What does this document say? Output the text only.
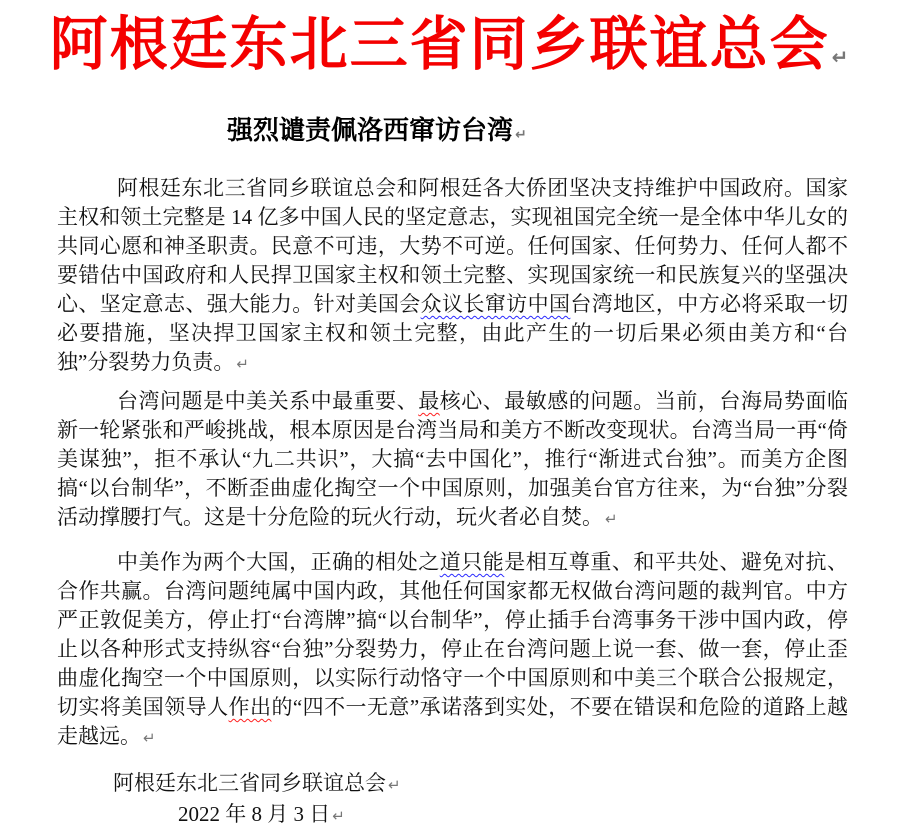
阿根廷东北三省同乡联谊总会 ↵
强烈谴责佩洛西窜访台湾 ↵

阿根廷东北三省同乡联谊总会和阿根廷各大侨团坚决支持维护中国政府。国家主权和领土完整是 14 亿多中国人民的坚定意志，实现祖国完全统一是全体中华儿女的共同心愿和神圣职责。民意不可违，大势不可逆。任何国家、任何势力、任何人都不要错估中国政府和人民捍卫国家主权和领土完整、实现国家统一和民族复兴的坚强决心、坚定意志、强大能力。针对美国会众议长窜访中国台湾地区，中方必将采取一切必要措施，坚决捍卫国家主权和领土完整，由此产生的一切后果必须由美方和“台独”分裂势力负责。 ↵

台湾问题是中美关系中最重要、最核心、最敏感的问题。当前，台海局势面临新一轮紧张和严峻挑战，根本原因是台湾当局和美方不断改变现状。台湾当局一再“倚美谋独”，拒不承认“九二共识”，大搞“去中国化”，推行“渐进式台独”。而美方企图搞“以台制华”，不断歪曲虚化掏空一个中国原则，加强美台官方往来，为“台独”分裂活动撑腰打气。这是十分危险的玩火行动，玩火者必自焚。 ↵

中美作为两个大国，正确的相处之道只能是相互尊重、和平共处、避免对抗、合作共赢。台湾问题纯属中国内政，其他任何国家都无权做台湾问题的裁判官。中方严正敦促美方，停止打“台湾牌”搞“以台制华”，停止插手台湾事务干涉中国内政，停止以各种形式支持纵容“台独”分裂势力，停止在台湾问题上说一套、做一套，停止歪曲虚化掏空一个中国原则，以实际行动恪守一个中国原则和中美三个联合公报规定，切实将美国领导人作出的“四不一无意”承诺落到实处，不要在错误和危险的道路上越走越远。 ↵

阿根廷东北三省同乡联谊总会 ↵
2022 年 8 月 3 日 ↵
